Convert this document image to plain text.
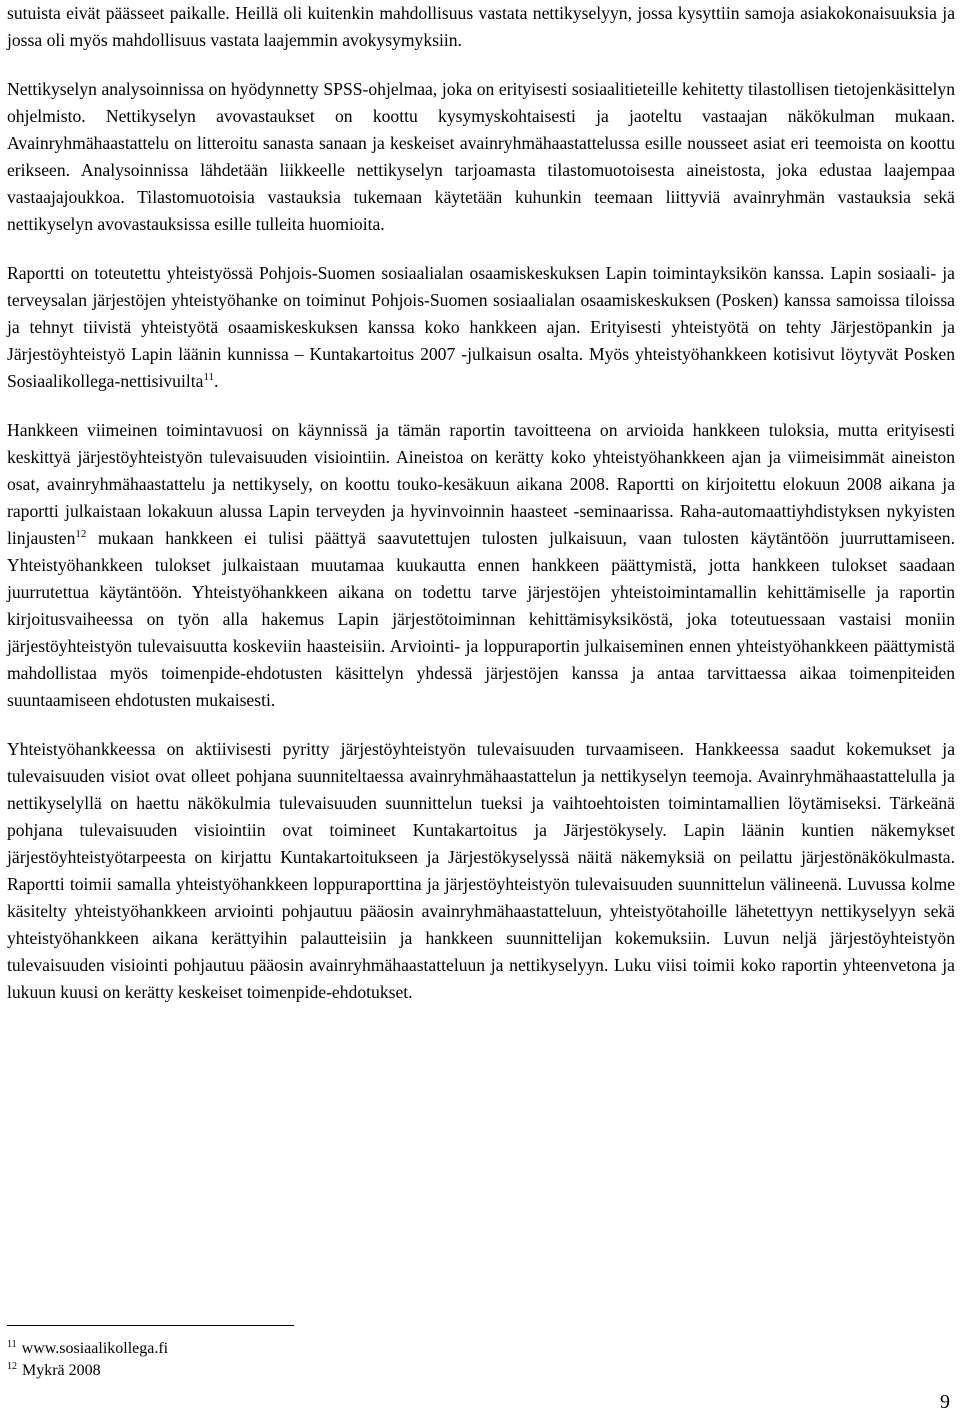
sutuista eivät päässeet paikalle. Heillä oli kuitenkin mahdollisuus vastata nettikyselyyn, jossa kysyttiin samoja asiakokonaisuuksia ja jossa oli myös mahdollisuus vastata laajemmin avokysymyksiin.

Nettikyselyn analysoinnissa on hyödynnetty SPSS-ohjelmaa, joka on erityisesti sosiaalitieteille kehitetty tilastollisen tietojenkäsittelyn ohjelmisto. Nettikyselyn avovastaukset on koottu kysymyskohtaisesti ja jaoteltu vastaajan näkökulman mukaan. Avainryhmähaastattelu on litteroitu sanasta sanaan ja keskeiset avainryhmähaastattelussa esille nousseet asiat eri teemoista on koottu erikseen. Analysoinnissa lähdetään liikkeelle nettikyselyn tarjoamasta tilastomuotoisesta aineistosta, joka edustaa laajempaa vastaajajoukkoa. Tilastomuotoisia vastauksia tukemaan käytetään kuhunkin teemaan liittyviä avainryhmän vastauksia sekä nettikyselyn avovastauksissa esille tulleita huomioita.

Raportti on toteutettu yhteistyössä Pohjois-Suomen sosiaalialan osaamiskeskuksen Lapin toimintayksikön kanssa. Lapin sosiaali- ja terveysalan järjestöjen yhteistyöhanke on toiminut Pohjois-Suomen sosiaalialan osaamiskeskuksen (Posken) kanssa samoissa tiloissa ja tehnyt tiivistä yhteistyötä osaamiskeskuksen kanssa koko hankkeen ajan. Erityisesti yhteistyötä on tehty Järjestöpankin ja Järjestöyhteistyö Lapin läänin kunnissa – Kuntakartoitus 2007 -julkaisun osalta. Myös yhteistyöhankkeen kotisivut löytyvät Posken Sosiaalikollega-nettisivuilta$^{11}$.

Hankkeen viimeinen toimintavuosi on käynnissä ja tämän raportin tavoitteena on arvioida hankkeen tuloksia, mutta erityisesti keskittyä järjestöyhteistyön tulevaisuuden visiointiin. Aineistoa on kerätty koko yhteistyöhankkeen ajan ja viimeisimmät aineiston osat, avainryhmähaastattelu ja nettikysely, on koottu touko-kesäkuun aikana 2008. Raportti on kirjoitettu elokuun 2008 aikana ja raportti julkaistaan lokakuun alussa Lapin terveyden ja hyvinvoinnin haasteet -seminaarissa. Raha-automaattiyhdistyksen nykyisten linjausten$^{12}$ mukaan hankkeen ei tulisi päättyä saavutettujen tulosten julkaisuun, vaan tulosten käytäntöön juurruttamiseen. Yhteistyöhankkeen tulokset julkaistaan muutamaa kuukautta ennen hankkeen päättymistä, jotta hankkeen tulokset saadaan juurrutettua käytäntöön. Yhteistyöhankkeen aikana on todettu tarve järjestöjen yhteistoimintamallin kehittämiselle ja raportin kirjoitusvaiheessa on työn alla hakemus Lapin järjestötoiminnan kehittämisyksiköstä, joka toteutuessaan vastaisi moniin järjestöyhteistyön tulevaisuutta koskeviin haasteisiin. Arviointi- ja loppuraportin julkaiseminen ennen yhteistyöhankkeen päättymistä mahdollistaa myös toimenpide-ehdotusten käsittelyn yhdessä järjestöjen kanssa ja antaa tarvittaessa aikaa toimenpiteiden suuntaamiseen ehdotusten mukaisesti.

Yhteistyöhankkeessa on aktiivisesti pyritty järjestöyhteistyön tulevaisuuden turvaamiseen. Hankkeessa saadut kokemukset ja tulevaisuuden visiot ovat olleet pohjana suunniteltaessa avainryhmähaastattelun ja nettikyselyn teemoja. Avainryhmähaastattelulla ja nettikyselyllä on haettu näkökulmia tulevaisuuden suunnittelun tueksi ja vaihtoehtoisten toimintamallien löytämiseksi. Tärkeänä pohjana tulevaisuuden visiointiin ovat toimineet Kuntakartoitus ja Järjestökysely. Lapin läänin kuntien näkemykset järjestöyhteistyötarpeesta on kirjattu Kuntakartoitukseen ja Järjestökyselyssä näitä näkemyksiä on peilattu järjestönäkökulmasta. Raportti toimii samalla yhteistyöhankkeen loppuraporttina ja järjestöyhteistyön tulevaisuuden suunnittelun välineenä. Luvussa kolme käsitelty yhteistyöhankkeen arviointi pohjautuu pääosin avainryhmähaastatteluun, yhteistyötahoille lähetettyyn nettikyselyyn sekä yhteistyöhankkeen aikana kerättyihin palautteisiin ja hankkeen suunnittelijan kokemuksiin. Luvun neljä järjestöyhteistyön tulevaisuuden visiointi pohjautuu pääosin avainryhmähaastatteluun ja nettikyselyyn. Luku viisi toimii koko raportin yhteenvetona ja lukuun kuusi on kerätty keskeiset toimenpide-ehdotukset.

$^{11}$ www.sosiaalikollega.fi
$^{12}$ Mykrä 2008
9
